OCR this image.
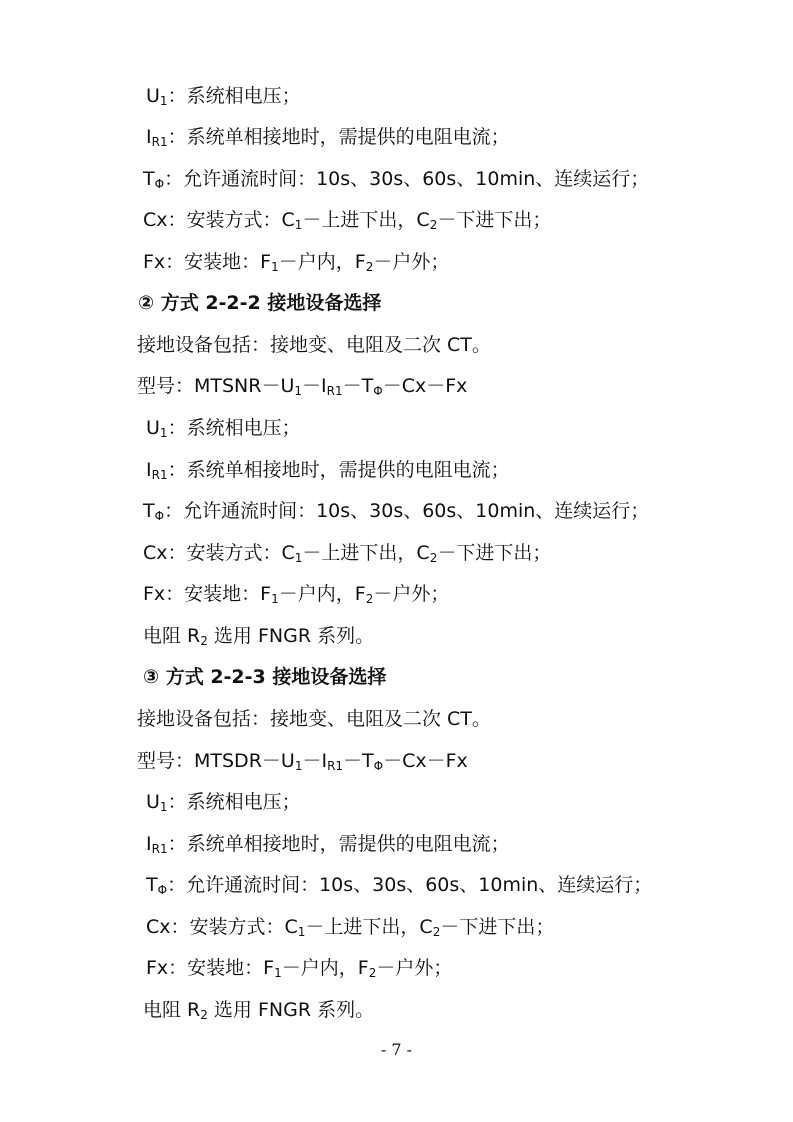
$U_1$：系统相电压；
$I_{R1}$：系统单相接地时，需提供的电阻电流；
$T_\Phi$：允许通流时间：10s、30s、60s、10min、连续运行；
Cx：安装方式：$C_1-$上进下出，$C_2-$下进下出；
Fx：安装地：$F_1-$户内，$F_2-$户外；
② 方式 2-2-2 接地设备选择
接地设备包括：接地变、电阻及二次 CT。
型号：$MTSNR-U_1-I_{R1}-T_\Phi-Cx-Fx$
$U_1$：系统相电压；
$I_{R1}$：系统单相接地时，需提供的电阻电流；
$T_\Phi$：允许通流时间：10s、30s、60s、10min、连续运行；
Cx：安装方式：$C_1-$上进下出，$C_2-$下进下出；
Fx：安装地：$F_1-$户内，$F_2-$户外；
电阻 $R_2$ 选用 FNGR 系列。
③ 方式 2-2-3 接地设备选择
接地设备包括：接地变、电阻及二次 CT。
型号：$MTSDR-U_1-I_{R1}-T_\Phi-Cx-Fx$
$U_1$：系统相电压；
$I_{R1}$：系统单相接地时，需提供的电阻电流；
$T_\Phi$：允许通流时间：10s、30s、60s、10min、连续运行；
Cx：安装方式：$C_1-$上进下出，$C_2-$下进下出；
Fx：安装地：$F_1-$户内，$F_2-$户外；
电阻 $R_2$ 选用 FNGR 系列。
- 7 -
